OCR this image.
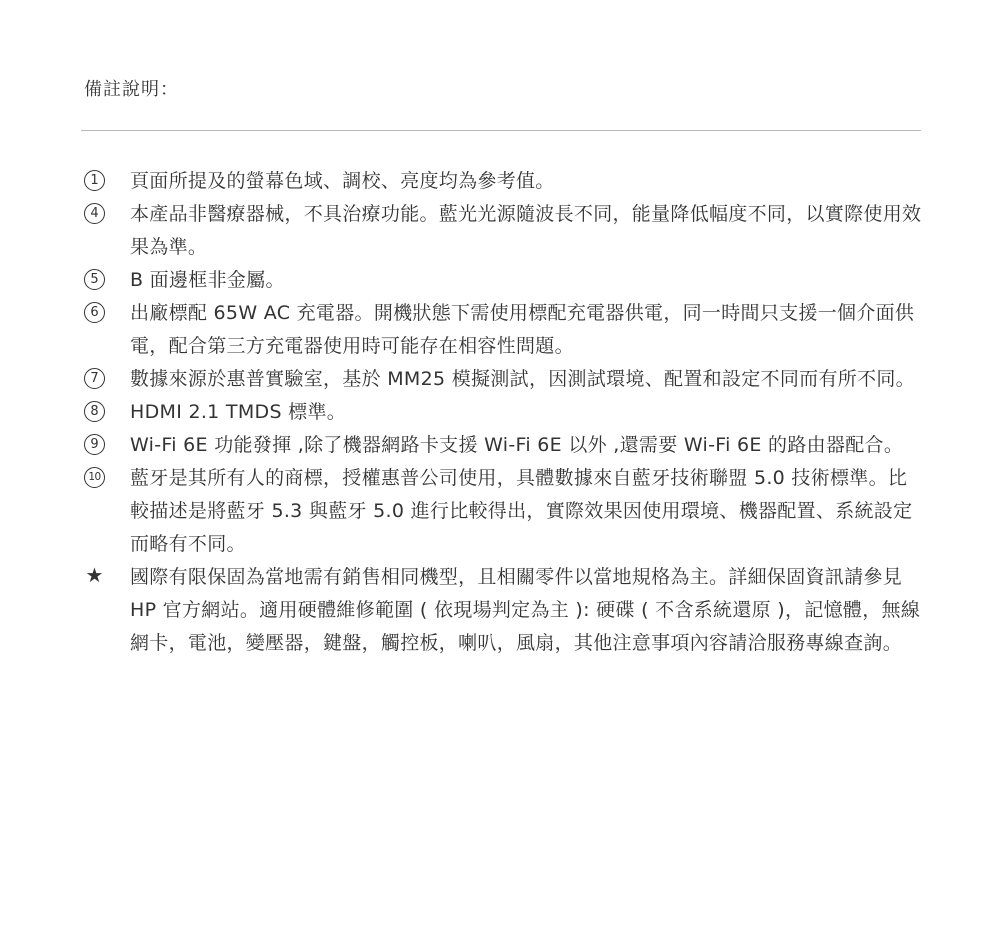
備註說明：
1	頁面所提及的螢幕色域、調校、亮度均為參考值。
4	本產品非醫療器械，不具治療功能。藍光光源隨波長不同，能量降低幅度不同，以實際使用效果為準。
5	B 面邊框非金屬。
6	出廠標配 65W AC 充電器。開機狀態下需使用標配充電器供電，同一時間只支援一個介面供電，配合第三方充電器使用時可能存在相容性問題。
7	數據來源於惠普實驗室，基於 MM25 模擬測試，因測試環境、配置和設定不同而有所不同。
8	HDMI 2.1 TMDS 標準。
9	Wi-Fi 6E 功能發揮 ,除了機器網路卡支援 Wi-Fi 6E 以外 ,還需要 Wi-Fi 6E 的路由器配合。
10 藍牙是其所有人的商標，授權惠普公司使用，具體數據來自藍牙技術聯盟 5.0 技術標準。比較描述是將藍牙 5.3 與藍牙 5.0 進行比較得出，實際效果因使用環境、機器配置、系統設定而略有不同。
★ 國際有限保固為當地需有銷售相同機型，且相關零件以當地規格為主。詳細保固資訊請參見 HP 官方網站。適用硬體維修範圍 ( 依現場判定為主 ): 硬碟 ( 不含系統還原 )，記憶體，無線網卡，電池，變壓器，鍵盤，觸控板，喇叭，風扇，其他注意事項內容請洽服務專線查詢。
